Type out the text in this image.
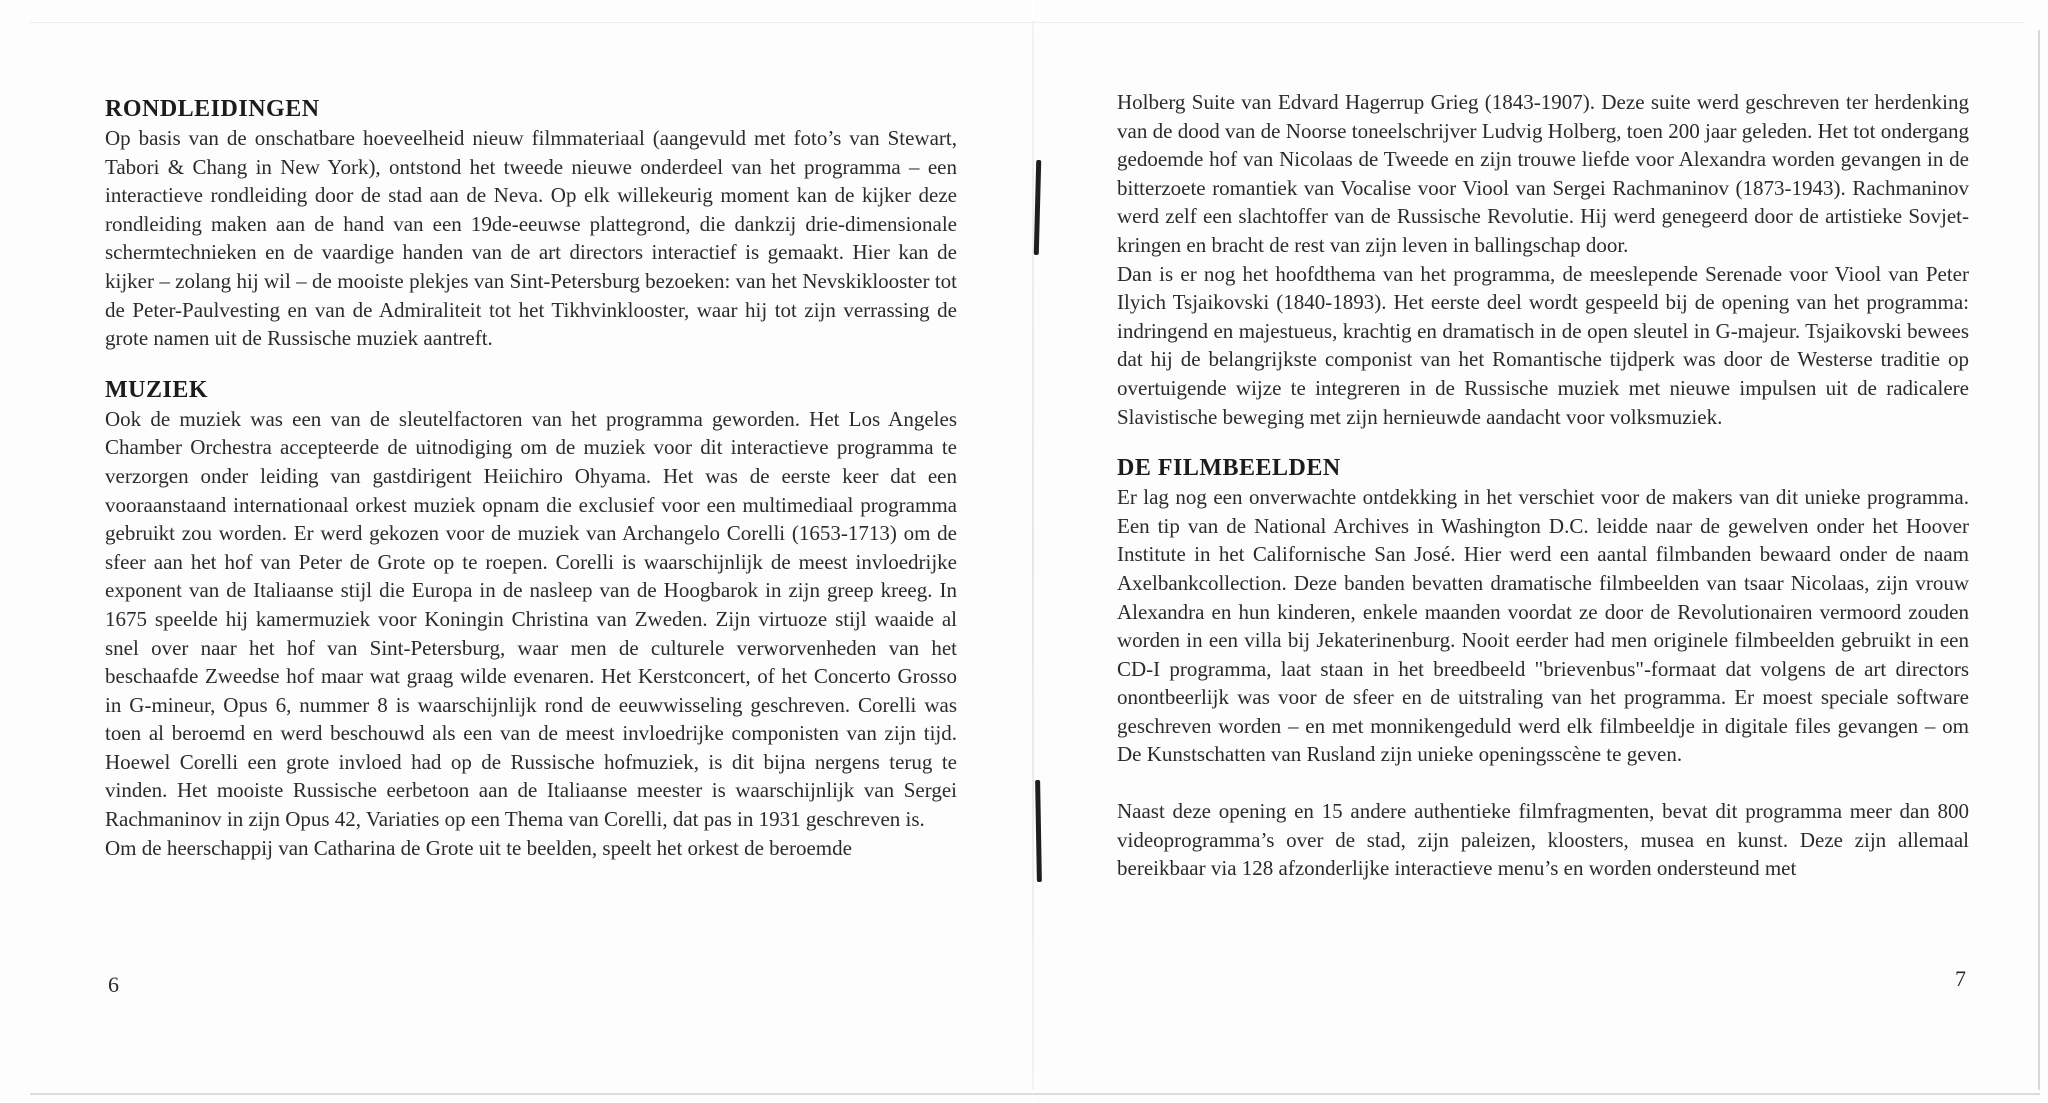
RONDLEIDINGEN

Op basis van de onschatbare hoeveelheid nieuw filmmateriaal (aangevuld met foto’s van Stewart, Tabori & Chang in New York), ontstond het tweede nieuwe onderdeel van het programma – een interactieve rondleiding door de stad aan de Neva. Op elk willekeurig moment kan de kijker deze rondleiding maken aan de hand van een 19de-eeuwse plattegrond, die dankzij drie-dimensionale schermtechnieken en de vaardige handen van de art directors interactief is gemaakt. Hier kan de kijker – zolang hij wil – de mooiste plekjes van Sint-Petersburg bezoeken: van het Nevskiklooster tot de Peter-Paulvesting en van de Admiraliteit tot het Tikhvinklooster, waar hij tot zijn verrassing de grote namen uit de Russische muziek aantreft.

MUZIEK

Ook de muziek was een van de sleutelfactoren van het programma geworden. Het Los Angeles Chamber Orchestra accepteerde de uitnodiging om de muziek voor dit interactieve programma te verzorgen onder leiding van gastdirigent Heiichiro Ohyama. Het was de eerste keer dat een vooraanstaand internationaal orkest muziek opnam die exclusief voor een multimediaal programma gebruikt zou worden. Er werd gekozen voor de muziek van Archangelo Corelli (1653-1713) om de sfeer aan het hof van Peter de Grote op te roepen. Corelli is waarschijnlijk de meest invloedrijke exponent van de Italiaanse stijl die Europa in de nasleep van de Hoogbarok in zijn greep kreeg. In 1675 speelde hij kamermuziek voor Koningin Christina van Zweden. Zijn virtuoze stijl waaide al snel over naar het hof van Sint-Petersburg, waar men de culturele verworvenheden van het beschaafde Zweedse hof maar wat graag wilde evenaren. Het Kerstconcert, of het Concerto Grosso in G-mineur, Opus 6, nummer 8 is waarschijnlijk rond de eeuwwisseling geschreven. Corelli was toen al beroemd en werd beschouwd als een van de meest invloedrijke componisten van zijn tijd. Hoewel Corelli een grote invloed had op de Russische hofmuziek, is dit bijna nergens terug te vinden. Het mooiste Russische eerbetoon aan de Italiaanse meester is waarschijnlijk van Sergei Rachmaninov in zijn Opus 42, Variaties op een Thema van Corelli, dat pas in 1931 geschreven is.

Om de heerschappij van Catharina de Grote uit te beelden, speelt het orkest de beroemde

6

Holberg Suite van Edvard Hagerrup Grieg (1843-1907). Deze suite werd geschreven ter herdenking van de dood van de Noorse toneelschrijver Ludvig Holberg, toen 200 jaar geleden. Het tot ondergang gedoemde hof van Nicolaas de Tweede en zijn trouwe liefde voor Alexandra worden gevangen in de bitterzoete romantiek van Vocalise voor Viool van Sergei Rachmaninov (1873-1943). Rachmaninov werd zelf een slachtoffer van de Russische Revolutie. Hij werd genegeerd door de artistieke Sovjet-kringen en bracht de rest van zijn leven in ballingschap door.

Dan is er nog het hoofdthema van het programma, de meeslepende Serenade voor Viool van Peter Ilyich Tsjaikovski (1840-1893). Het eerste deel wordt gespeeld bij de opening van het programma: indringend en majestueus, krachtig en dramatisch in de open sleutel in G-majeur. Tsjaikovski bewees dat hij de belangrijkste componist van het Romantische tijdperk was door de Westerse traditie op overtuigende wijze te integreren in de Russische muziek met nieuwe impulsen uit de radicalere Slavistische beweging met zijn hernieuwde aandacht voor volksmuziek.

DE FILMBEELDEN

Er lag nog een onverwachte ontdekking in het verschiet voor de makers van dit unieke programma. Een tip van de National Archives in Washington D.C. leidde naar de gewelven onder het Hoover Institute in het Californische San José. Hier werd een aantal filmbanden bewaard onder de naam Axelbankcollection. Deze banden bevatten dramatische filmbeelden van tsaar Nicolaas, zijn vrouw Alexandra en hun kinderen, enkele maanden voordat ze door de Revolutionairen vermoord zouden worden in een villa bij Jekaterinenburg. Nooit eerder had men originele filmbeelden gebruikt in een CD-I programma, laat staan in het breedbeeld "brievenbus"-formaat dat volgens de art directors onontbeerlijk was voor de sfeer en de uitstraling van het programma. Er moest speciale software geschreven worden – en met monnikengeduld werd elk filmbeeldje in digitale files gevangen – om De Kunstschatten van Rusland zijn unieke openingsscène te geven.

Naast deze opening en 15 andere authentieke filmfragmenten, bevat dit programma meer dan 800 videoprogramma’s over de stad, zijn paleizen, kloosters, musea en kunst. Deze zijn allemaal bereikbaar via 128 afzonderlijke interactieve menu’s en worden ondersteund met

7
